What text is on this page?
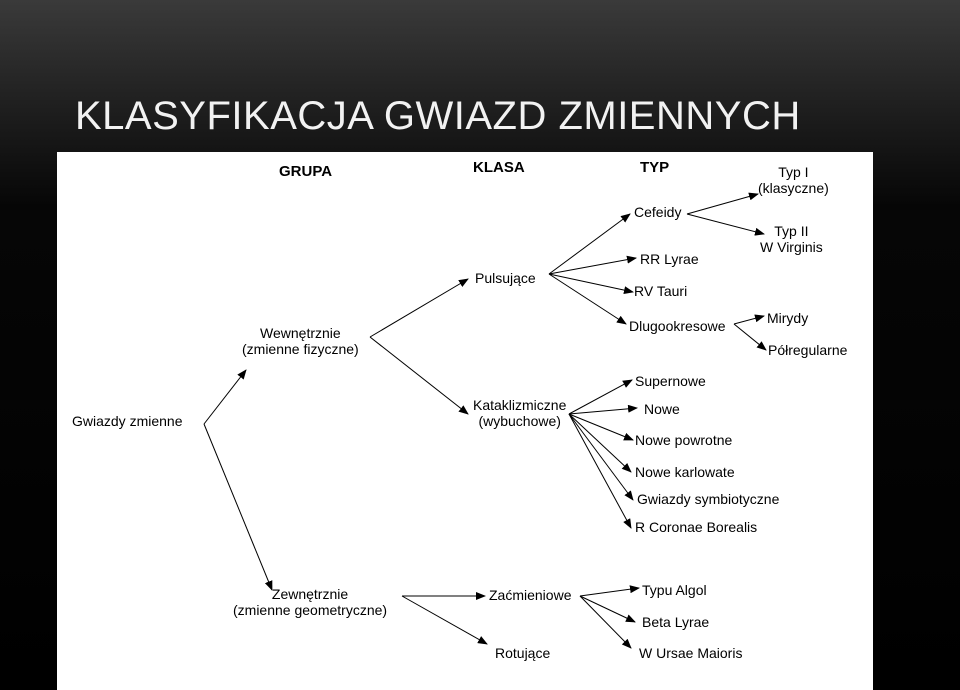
KLASYFIKACJA GWIAZD ZMIENNYCH
GRUPA	KLASA	TYP
Gwiazdy zmienne
Wewnętrznie
(zmienne fizyczne)
Zewnętrznie
(zmienne geometryczne)
Pulsujące
Kataklizmiczne
(wybuchowe)
Zaćmieniowe
Rotujące
Cefeidy
RR Lyrae
RV Tauri
Dlugookresowe
Typ I
(klasyczne)
Typ II
W Virginis
Mirydy
Półregularne
Supernowe
Nowe
Nowe powrotne
Nowe karlowate
Gwiazdy symbiotyczne
R Coronae Borealis
Typu Algol
Beta Lyrae
W Ursae Maioris
